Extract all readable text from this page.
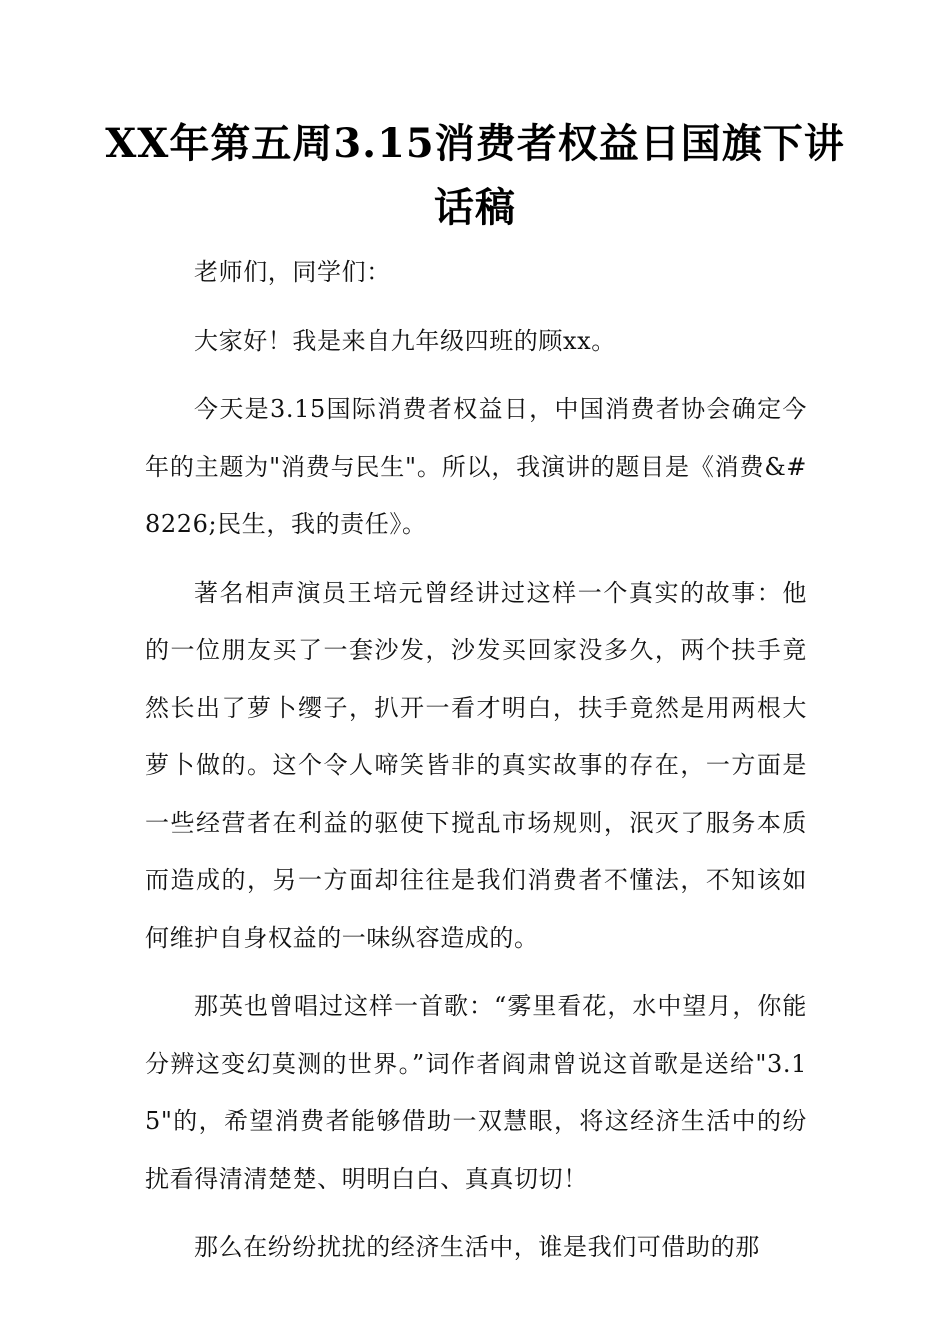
XX年第五周3.15消费者权益日国旗下讲话稿

老师们，同学们：

大家好！我是来自九年级四班的顾xx。

今天是3.15国际消费者权益日，中国消费者协会确定今年的主题为"消费与民生"。所以，我演讲的题目是《消费&#8226;民生，我的责任》。

著名相声演员王培元曾经讲过这样一个真实的故事：他的一位朋友买了一套沙发，沙发买回家没多久，两个扶手竟然长出了萝卜缨子，扒开一看才明白，扶手竟然是用两根大萝卜做的。这个令人啼笑皆非的真实故事的存在，一方面是一些经营者在利益的驱使下搅乱市场规则，泯灭了服务本质而造成的，另一方面却往往是我们消费者不懂法，不知该如何维护自身权益的一味纵容造成的。

那英也曾唱过这样一首歌：“雾里看花，水中望月，你能分辨这变幻莫测的世界。”词作者阎肃曾说这首歌是送给"3.15"的，希望消费者能够借助一双慧眼，将这经济生活中的纷扰看得清清楚楚、明明白白、真真切切！

那么在纷纷扰扰的经济生活中，谁是我们可借助的那
